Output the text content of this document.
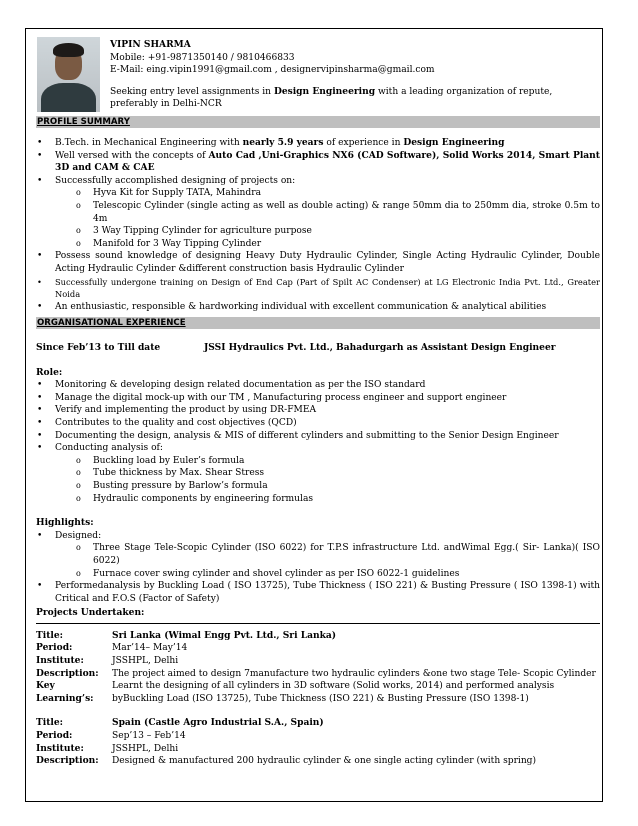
VIPIN SHARMA
Mobile: +91-9871350140 / 9810466833
E-Mail: eing.vipin1991@gmail.com , designervipinsharma@gmail.com
Seeking entry level assignments in Design Engineering with a leading organization of repute, preferably in Delhi-NCR
PROFILE SUMMARY
• B.Tech. in Mechanical Engineering with nearly 5.9 years of experience in Design Engineering
• Well versed with the concepts of Auto Cad ,Uni-Graphics NX6 (CAD Software), Solid Works 2014, Smart Plant 3D and CAM & CAE
• Successfully accomplished designing of projects on:
o Hyva Kit for Supply TATA, Mahindra
o Telescopic Cylinder (single acting as well as double acting) & range 50mm dia to 250mm dia, stroke 0.5m to 4m
o 3 Way Tipping Cylinder for agriculture purpose
o Manifold for 3 Way Tipping Cylinder
• Possess sound knowledge of designing Heavy Duty Hydraulic Cylinder, Single Acting Hydraulic Cylinder, Double Acting Hydraulic Cylinder &different construction basis Hydraulic Cylinder
• Successfully undergone training on Design of End Cap (Part of Spilt AC Condenser) at LG Electronic India Pvt. Ltd., Greater Noida
• An enthusiastic, responsible & hardworking individual with excellent communication & analytical abilities
ORGANISATIONAL EXPERIENCE
Since Feb’13 to Till date	JSSI Hydraulics Pvt. Ltd., Bahadurgarh as Assistant Design Engineer
Role:
• Monitoring & developing design related documentation as per the ISO standard
• Manage the digital mock-up with our TM , Manufacturing process engineer and support engineer
• Verify and implementing the product by using DR-FMEA
• Contributes to the quality and cost objectives (QCD)
• Documenting the design, analysis & MIS of different cylinders and submitting to the Senior Design Engineer
• Conducting analysis of:
o Buckling load by Euler’s formula
o Tube thickness by Max. Shear Stress
o Busting pressure by Barlow’s formula
o Hydraulic components by engineering formulas
Highlights:
• Designed:
o Three Stage Tele-Scopic Cylinder (ISO 6022) for T.P.S infrastructure Ltd. andWimal Egg.( Sir- Lanka)( ISO 6022)
o Furnace cover swing cylinder and shovel cylinder as per ISO 6022-1 guidelines
• Performedanalysis by Buckling Load ( ISO 13725), Tube Thickness ( ISO 221) & Busting Pressure ( ISO 1398-1) with Critical and F.O.S (Factor of Safety)
Projects Undertaken:
Title:	Sri Lanka (Wimal Engg Pvt. Ltd., Sri Lanka)
Period:	Mar’14– May’14
Institute:	JSSHPL, Delhi
Description:	The project aimed to design 7manufacture two hydraulic cylinders &one two stage Tele- Scopic Cylinder
Key Learning’s:
Learnt the designing of all cylinders in 3D software (Solid works, 2014) and performed analysis byBuckling Load (ISO 13725), Tube Thickness (ISO 221) & Busting Pressure (ISO 1398-1)
Title:	Spain (Castle Agro Industrial S.A., Spain)
Period:	Sep’13 – Feb’14
Institute:	JSSHPL, Delhi
Description:	Designed & manufactured 200 hydraulic cylinder & one single acting cylinder (with spring)
